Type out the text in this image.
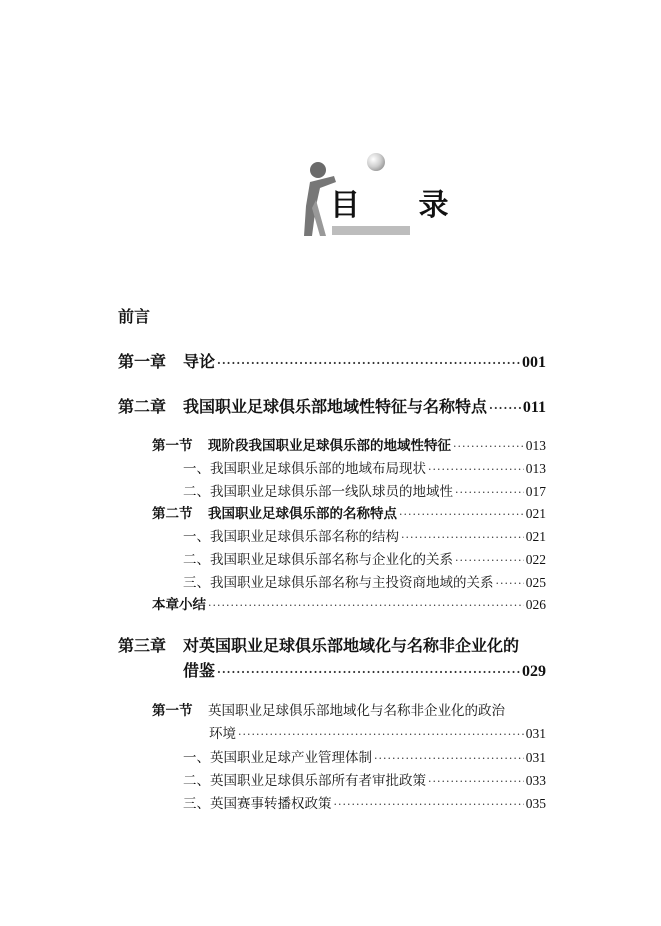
目 录
前言
第一章 导论 ·····	001
第二章 我国职业足球俱乐部地域性特征与名称特点 ····· 011
第一节 现阶段我国职业足球俱乐部的地域性特征 ·····	013
一、我国职业足球俱乐部的地域布局现状 ·····	013
二、我国职业足球俱乐部一线队球员的地域性 ·····	017
第二节 我国职业足球俱乐部的名称特点 ·····	021
一、我国职业足球俱乐部名称的结构 ·····	021
二、我国职业足球俱乐部名称与企业化的关系 ·····	022
三、我国职业足球俱乐部名称与主投资商地域的关系 ····· 025
本章小结 ·····	026
第三章 对英国职业足球俱乐部地域化与名称非企业化的
借鉴 ·····	029
第一节 英国职业足球俱乐部地域化与名称非企业化的政治
环境 ·····	031
一、英国职业足球产业管理体制 ·····	031
二、英国职业足球俱乐部所有者审批政策 ·····	033
三、英国赛事转播权政策 ·····	035
